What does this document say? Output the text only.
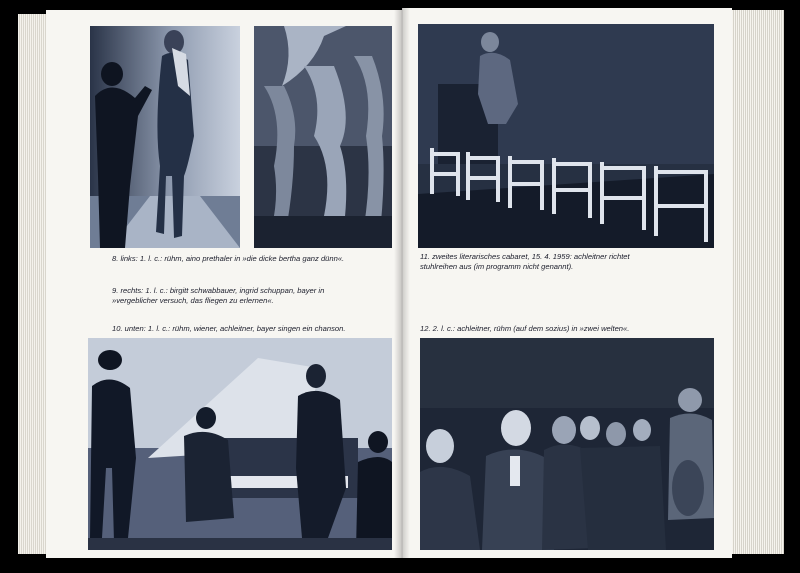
8. links: 1. l. c.: rühm, aino prethaler in »die dicke bertha ganz dünn«.
9. rechts: 1. l. c.: birgitt schwabbauer, ingrid schuppan, bayer in
»vergeblicher versuch, das fliegen zu erlernen«.
10. unten: 1. l. c.: rühm, wiener, achleitner, bayer singen ein chanson.
11. zweites literarisches cabaret, 15. 4. 1959: achleitner richtet
stuhlreihen aus (im programm nicht genannt).
12. 2. l. c.: achleitner, rühm (auf dem sozius) in »zwei welten«.
